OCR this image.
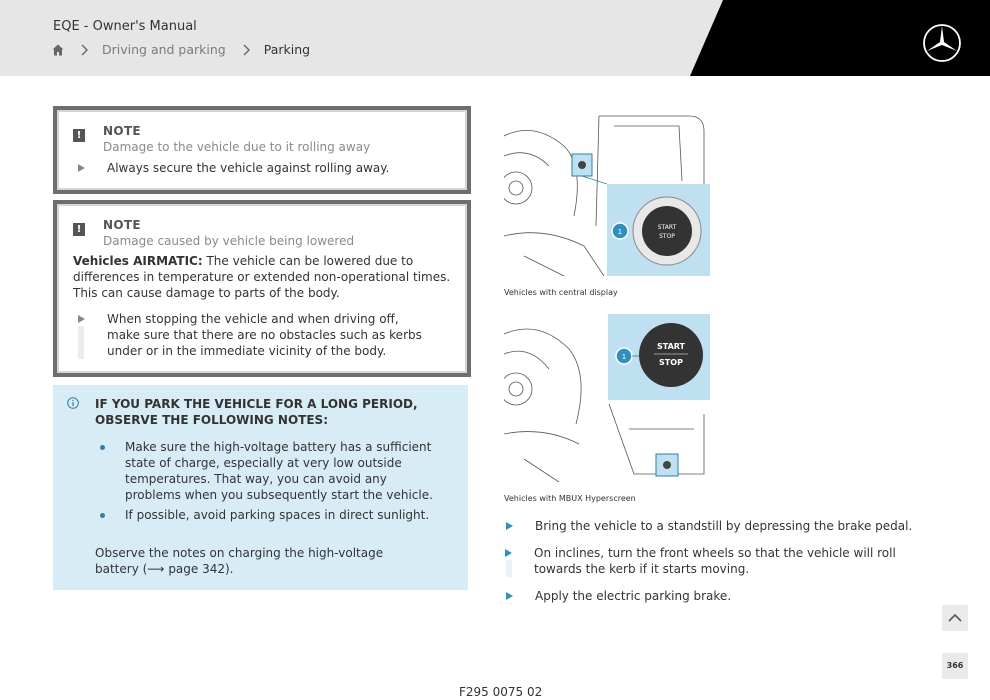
EQE - Owner's Manual
Driving and parking	Parking
!	NOTE
Damage to the vehicle due to it rolling away
Always secure the vehicle against rolling away.
!	NOTE
Damage caused by vehicle being lowered
Vehicles AIRMATIC: The vehicle can be lowered due to differences in temperature or extended non-operational times. This can cause damage to parts of the body.
When stopping the vehicle and when driving off, make sure that there are no obstacles such as kerbs under or in the immediate vicinity of the body.
IF YOU PARK THE VEHICLE FOR A LONG PERIOD, OBSERVE THE FOLLOWING NOTES:
Make sure the high-voltage battery has a sufficient state of charge, especially at very low outside temperatures. That way, you can avoid any problems when you subsequently start the vehicle.
If possible, avoid parking spaces in direct sunlight.
Observe the notes on charging the high-voltage battery (⟶ page 342).
START
STOP
1
Vehicles with central display
START
STOP
1
Vehicles with MBUX Hyperscreen
Bring the vehicle to a standstill by depressing the brake pedal.
On inclines, turn the front wheels so that the vehicle will roll towards the kerb if it starts moving.
Apply the electric parking brake.
366
F295 0075 02
